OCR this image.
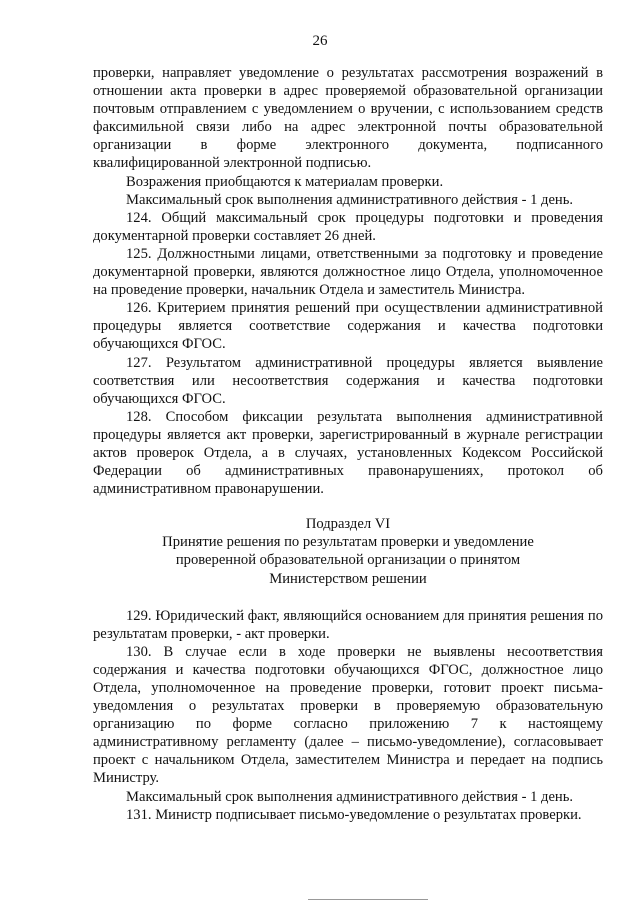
26

проверки, направляет уведомление о результатах рассмотрения возражений в отношении акта проверки в адрес проверяемой образовательной организации почтовым отправлением с уведомлением о вручении, с использованием средств факсимильной связи либо на адрес электронной почты образовательной организации в форме электронного документа, подписанного квалифицированной электронной подписью.

Возражения приобщаются к материалам проверки.

Максимальный срок выполнения административного действия - 1 день.

124. Общий максимальный срок процедуры подготовки и проведения документарной проверки составляет 26 дней.

125. Должностными лицами, ответственными за подготовку и проведение документарной проверки, являются должностное лицо Отдела, уполномоченное на проведение проверки, начальник Отдела и заместитель Министра.

126. Критерием принятия решений при осуществлении административной процедуры является соответствие содержания и качества подготовки обучающихся ФГОС.

127. Результатом административной процедуры является выявление соответствия или несоответствия содержания и качества подготовки обучающихся ФГОС.

128. Способом фиксации результата выполнения административной процедуры является акт проверки, зарегистрированный в журнале регистрации актов проверок Отдела, а в случаях, установленных Кодексом Российской Федерации об административных правонарушениях, протокол об административном правонарушении.

Подраздел VI

Принятие решения по результатам проверки и уведомление

проверенной образовательной организации о принятом

Министерством решении

129. Юридический факт, являющийся основанием для принятия решения по результатам проверки, - акт проверки.

130. В случае если в ходе проверки не выявлены несоответствия содержания и качества подготовки обучающихся ФГОС, должностное лицо Отдела, уполномоченное на проведение проверки, готовит проект письма-уведомления о результатах проверки в проверяемую образовательную организацию по форме согласно приложению 7 к настоящему административному регламенту (далее – письмо-уведомление), согласовывает проект с начальником Отдела, заместителем Министра и передает на подпись Министру.

Максимальный срок выполнения административного действия - 1 день.

131. Министр подписывает письмо-уведомление о результатах проверки.
